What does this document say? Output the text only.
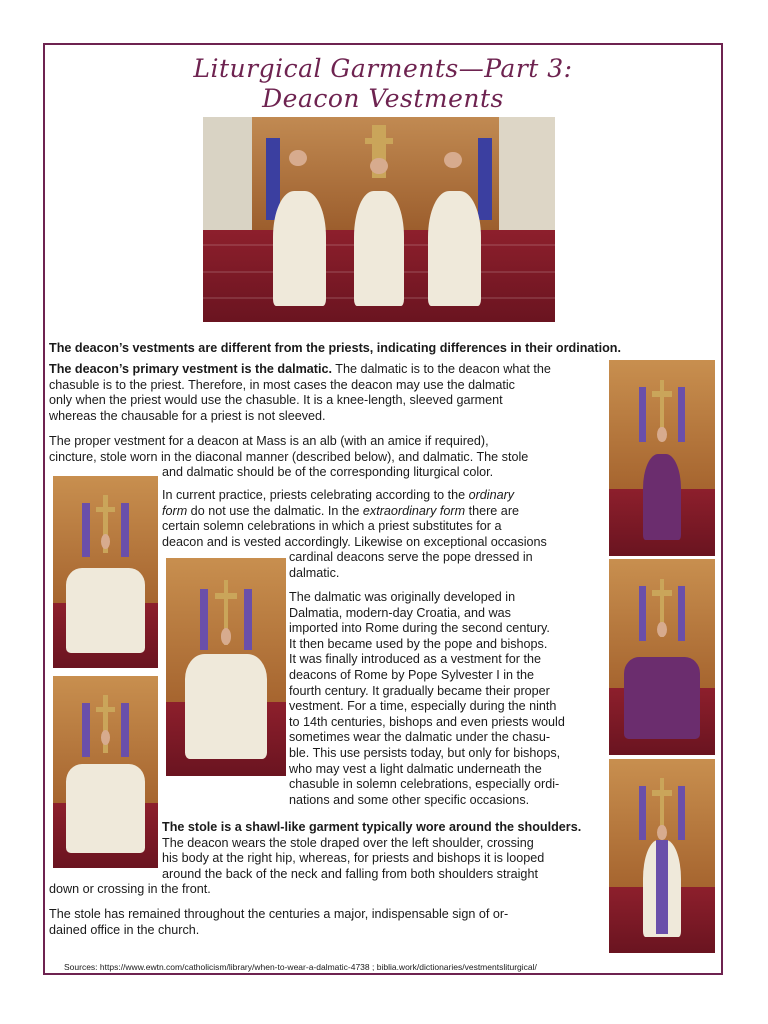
Liturgical Garments—Part 3:
Deacon Vestments
The deacon’s vestments are different from the priests, indicating differences in their ordination.

The deacon’s primary vestment is the dalmatic. The dalmatic is to the deacon what the

chasuble is to the priest. Therefore, in most cases the deacon may use the dalmatic

only when the priest would use the chasuble. It is a knee-length, sleeved garment

whereas the chausable for a priest is not sleeved.

The proper vestment for a deacon at Mass is an alb (with an amice if required),

cincture, stole worn in the diaconal manner (described below), and dalmatic. The stole

and dalmatic should be of the corresponding liturgical color.

In current practice, priests celebrating according to the ordinary

form do not use the dalmatic. In the extraordinary form there are

certain solemn celebrations in which a priest substitutes for a

deacon and is vested accordingly. Likewise on exceptional occasions

cardinal deacons serve the pope dressed in

dalmatic.

The dalmatic was originally developed in

Dalmatia, modern-day Croatia, and was

imported into Rome during the second century.

It then became used by the pope and bishops.

It was finally introduced as a vestment for the

deacons of Rome by Pope Sylvester I in the

fourth century. It gradually became their proper

vestment. For a time, especially during the ninth

to 14th centuries, bishops and even priests would

sometimes wear the dalmatic under the chasu-

ble. This use persists today, but only for bishops,

who may vest a light dalmatic underneath the

chasuble in solemn celebrations, especially ordi-

nations and some other specific occasions.

The stole is a shawl-like garment typically wore around the shoulders.

The deacon wears the stole draped over the left shoulder, crossing

his body at the right hip, whereas, for priests and bishops it is looped

around the back of the neck and falling from both shoulders straight

down or crossing in the front.

The stole has remained throughout the centuries a major, indispensable sign of or-

dained office in the church.

Sources: https://www.ewtn.com/catholicism/library/when-to-wear-a-dalmatic-4738 ; biblia.work/dictionaries/vestmentsliturgical/
